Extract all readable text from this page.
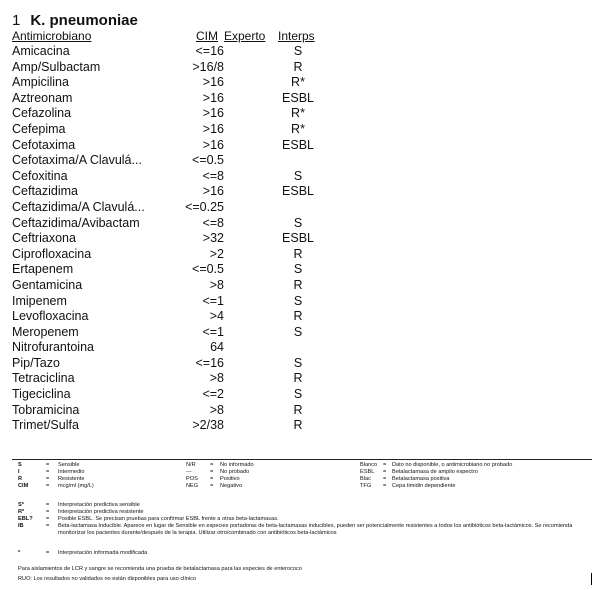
1 K. pneumoniae
Antimicrobiano	CIM Experto Interps
Amicacina	<=16	S
Amp/Sulbactam	>16/8	R
Ampicilina	>16	R*
Aztreonam	>16	ESBL
Cefazolina	>16	R*
Cefepima	>16	R*
Cefotaxima	>16	ESBL
Cefotaxima/A Clavulá...	<=0.5
Cefoxitina	<=8	S
Ceftazidima	>16	ESBL
Ceftazidima/A Clavulá...	<=0.25
Ceftazidima/Avibactam	<=8	S
Ceftriaxona	>32	ESBL
Ciprofloxacina	>2	R
Ertapenem	<=0.5	S
Gentamicina	>8	R
Imipenem	<=1	S
Levofloxacina	>4	R
Meropenem	<=1	S
Nitrofurantoina	64
Pip/Tazo	<=16	S
Tetraciclina	>8	R
Tigeciclina	<=2	S
Tobramicina	>8	R
Trimet/Sulfa	>2/38	R
S	= Sensible	N/R	= No informado	Blanco = Dato no disponible, o antimicrobiano no probado
I	= Intermedio	---	= No probado	ESBL = Betalactamasa de amplio espectro
R	= Resistente	POS = Positivo	Blac = Betalactamasa positiva
CIM	= mcg/ml (mg/L)	NEG = Negativo	TFG = Cepa timidin dependiente
S*	= Interpretación predictiva sensible
R*	= Interpretación predictiva resistente
EBL? = Posible ESBL. Se precisan pruebas para confirmar ESBL frente a otras beta-lactamasas.
IB	= Beta-lactamasa Inducible. Aparece en lugar de Sensible en especies portadoras de beta-lactamasas inducibles, pueden ser potencialmente resistentes a todos los antibióticos beta-lactámicos. Se recomienda monitorizar los pacientes durante/después de la terapia. Utilizar otro/combinado con antibióticos beta-lactámicos
*	= Interpretación informada modificada
Para aislamientos de LCR y sangre se recomienda una prueba de betalactamasa para las especies de enterococo
RUO: Los resultados no validados no están disponibles para uso clínico
